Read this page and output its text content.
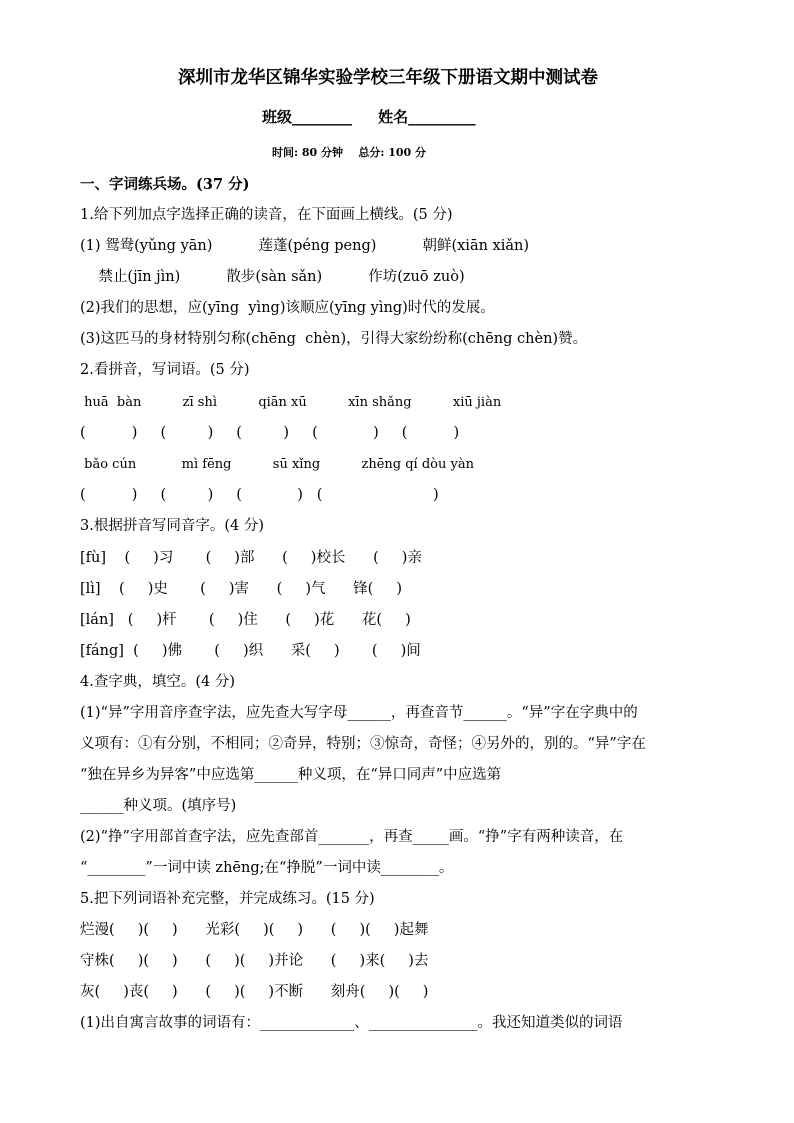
深圳市龙华区锦华实验学校三年级下册语文期中测试卷
班级________     姓名_________
时间: 80 分钟    总分: 100 分
一、字词练兵场。(37 分)
1.给下列加点字选择正确的读音，在下面画上横线。(5 分)
(1) 鸳鸯(yǔng yān)          莲蓬(péng peng)          朝鲜(xiān xiǎn)
禁止(jīn jìn)          散步(sàn sǎn)          作坊(zuō zuò)
(2)我们的思想，应(yīng  yìng)该顺应(yīng yìng)时代的发展。
(3)这匹马的身材特别匀称(chēng  chèn)，引得大家纷纷称(chēng chèn)赞。
2.看拼音，写词语。(5 分)
huā  bàn          zī shì          qiān xū          xīn shǎng          xiū jiàn
(          )     (         )     (         )     (            )     (          )
bǎo cún           mì fēng          sū xǐng          zhēng qí dòu yàn
(          )     (         )     (            )   (                        )
3.根据拼音写同音字。(4 分)
[fù]    (     )习       (     )部      (     )校长      (     )亲
[lì]    (     )史       (     )害      (     )气      锋(     )
[lán]   (     )杆       (     )住      (     )花      花(     )
[fáng]  (     )佛       (     )织      采(     )       (     )间
4.查字典，填空。(4 分)
(1)“异”字用音序查字法，应先查大写字母______，再查音节______。“异”字在字典中的
义项有：①有分别，不相同；②奇异，特别；③惊奇，奇怪；④另外的，别的。“异”字在
“独在异乡为异客”中应选第______种义项，在“异口同声”中应选第
______种义项。(填序号)
(2)“挣”字用部首查字法，应先查部首_______，再查_____画。“挣”字有两种读音，在
“________”一词中读 zhēng;在“挣脱”一词中读________。
5.把下列词语补充完整，并完成练习。(15 分)
烂漫(     )(     )      光彩(     )(     )      (     )(     )起舞
守株(     )(     )      (     )(     )并论      (     )来(     )去
灰(     )丧(     )      (     )(     )不断      刻舟(     )(     )
(1)出自寓言故事的词语有：_____________、_______________。我还知道类似的词语
